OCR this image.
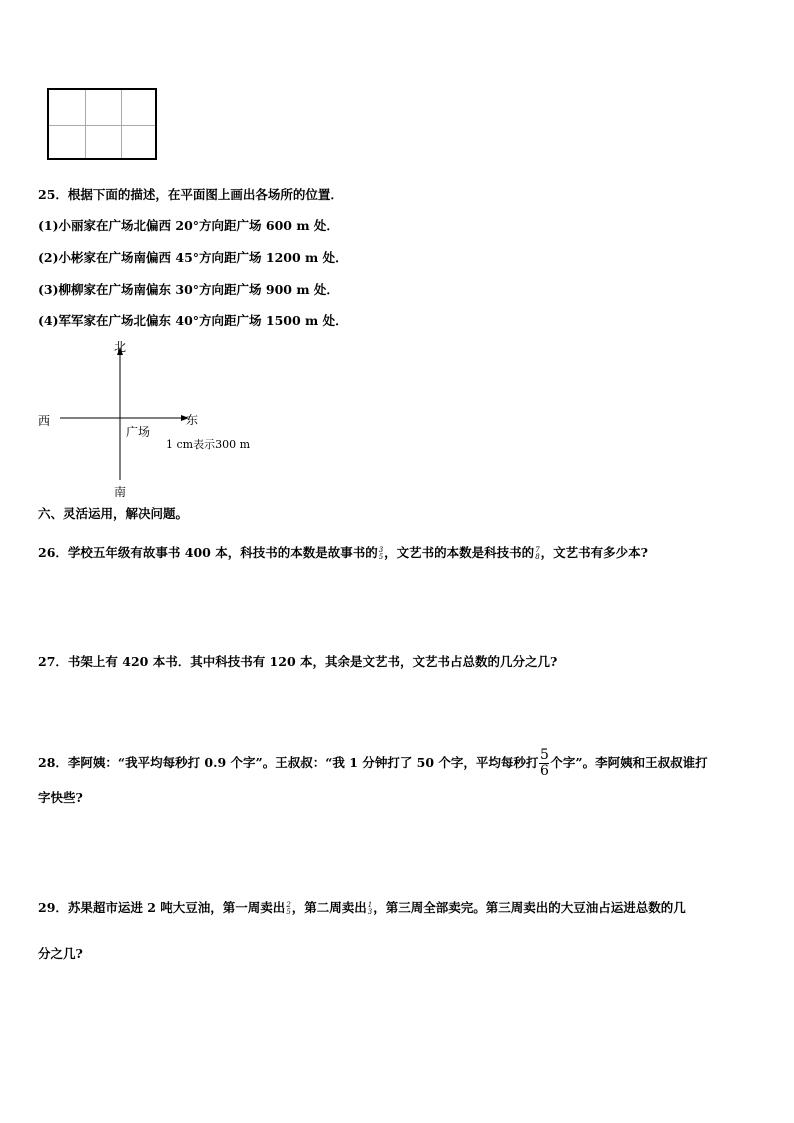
25．根据下面的描述，在平面图上画出各场所的位置．
(1)小丽家在广场北偏西 20°方向距广场 600 m 处．
(2)小彬家在广场南偏西 45°方向距广场 1200 m 处．
(3)柳柳家在广场南偏东 30°方向距广场 900 m 处．
(4)军军家在广场北偏东 40°方向距广场 1500 m 处．
北
西	东
广场
1 cm表示300 m
南
六、灵活运用，解决问题。
26．学校五年级有故事书 400 本，科技书的本数是故事书的 3
5 ，文艺书的本数是科技书的 7
8 ，文艺书有多少本?
27．书架上有 420 本书．其中科技书有 120 本，其余是文艺书，文艺书占总数的几分之几?
28．李阿姨：“我平均每秒打 0.9 个字”。王叔叔：“我 1 分钟打了 50 个字，平均每秒打 $\frac{5}{6}$ 个字”。李阿姨和王叔叔谁打
字快些?
29．苏果超市运进 2 吨大豆油，第一周卖出 2
5 ，第二周卖出 1
3 ，第三周全部卖完。第三周卖出的大豆油占运进总数的几
分之几?
